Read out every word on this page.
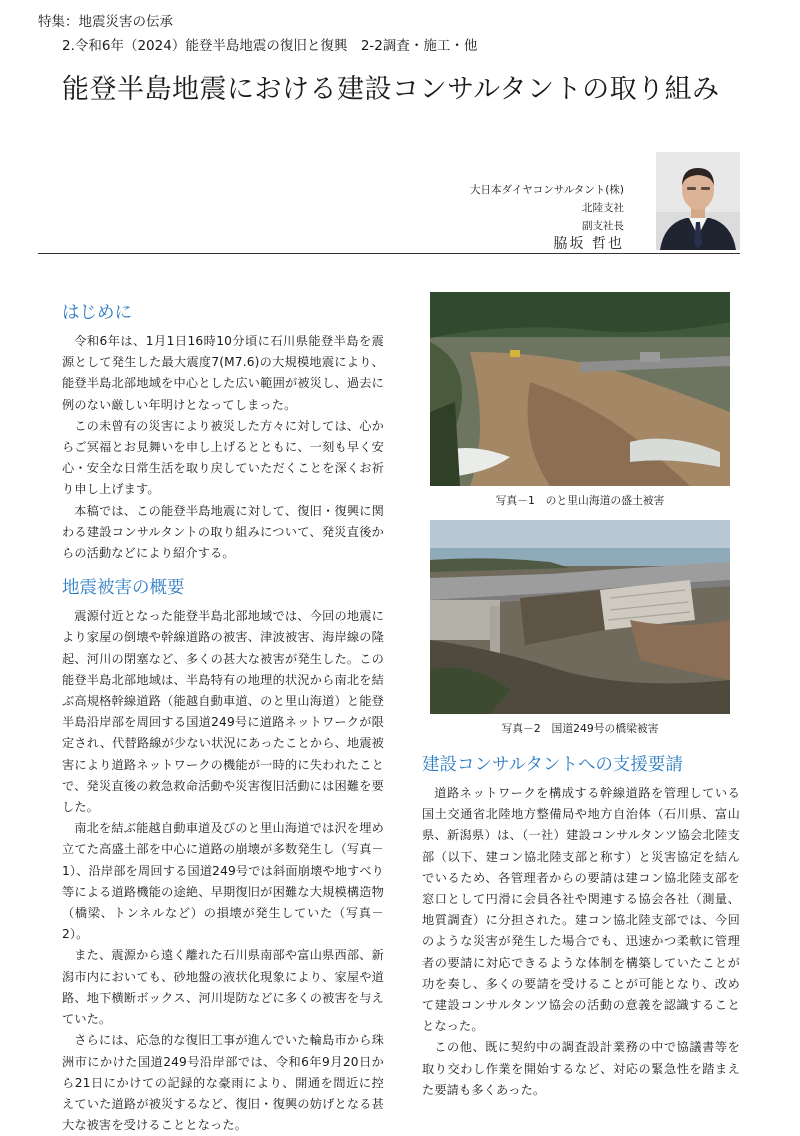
特集：地震災害の伝承
2.令和6年（2024）能登半島地震の復旧と復興　2-2調査・施工・他
能登半島地震における建設コンサルタントの取り組み
大日本ダイヤコンサルタント(株)
北陸支社
副支社長
脇坂 哲也
はじめに

令和6年は、1月1日16時10分頃に石川県能登半島を震源として発生した最大震度7(M7.6)の大規模地震により、能登半島北部地域を中心とした広い範囲が被災し、過去に例のない厳しい年明けとなってしまった。

この未曾有の災害により被災した方々に対しては、心からご冥福とお見舞いを申し上げるとともに、一刻も早く安心・安全な日常生活を取り戻していただくことを深くお祈り申し上げます。

本稿では、この能登半島地震に対して、復旧・復興に関わる建設コンサルタントの取り組みについて、発災直後からの活動などにより紹介する。

地震被害の概要

震源付近となった能登半島北部地域では、今回の地震により家屋の倒壊や幹線道路の被害、津波被害、海岸線の隆起、河川の閉塞など、多くの甚大な被害が発生した。この能登半島北部地域は、半島特有の地理的状況から南北を結ぶ高規格幹線道路（能越自動車道、のと里山海道）と能登半島沿岸部を周回する国道249号に道路ネットワークが限定され、代替路線が少ない状況にあったことから、地震被害により道路ネットワークの機能が一時的に失われたことで、発災直後の救急救命活動や災害復旧活動には困難を要した。

南北を結ぶ能越自動車道及びのと里山海道では沢を埋め立てた高盛土部を中心に道路の崩壊が多数発生し（写真－1）、沿岸部を周回する国道249号では斜面崩壊や地すべり等による道路機能の途絶、早期復旧が困難な大規模構造物（橋梁、トンネルなど）の損壊が発生していた（写真－2）。

また、震源から遠く離れた石川県南部や富山県西部、新潟市内においても、砂地盤の液状化現象により、家屋や道路、地下横断ボックス、河川堤防などに多くの被害を与えていた。

さらには、応急的な復旧工事が進んでいた輪島市から珠洲市にかけた国道249号沿岸部では、令和6年9月20日から21日にかけての記録的な豪雨により、開通を間近に控えていた道路が被災するなど、復旧・復興の妨げとなる甚大な被害を受けることとなった。

写真－1　のと里山海道の盛土被害
写真－2　国道249号の橋梁被害
建設コンサルタントへの支援要請

道路ネットワークを構成する幹線道路を管理している国土交通省北陸地方整備局や地方自治体（石川県、富山県、新潟県）は、（一社）建設コンサルタンツ協会北陸支部（以下、建コン協北陸支部と称す）と災害協定を結んでいるため、各管理者からの要請は建コン協北陸支部を窓口として円滑に会員各社や関連する協会各社（測量、地質調査）に分担された。建コン協北陸支部では、今回のような災害が発生した場合でも、迅速かつ柔軟に管理者の要請に対応できるような体制を構築していたことが功を奏し、多くの要請を受けることが可能となり、改めて建設コンサルタンツ協会の活動の意義を認識することとなった。

この他、既に契約中の調査設計業務の中で協議書等を取り交わし作業を開始するなど、対応の緊急性を踏まえた要請も多くあった。
